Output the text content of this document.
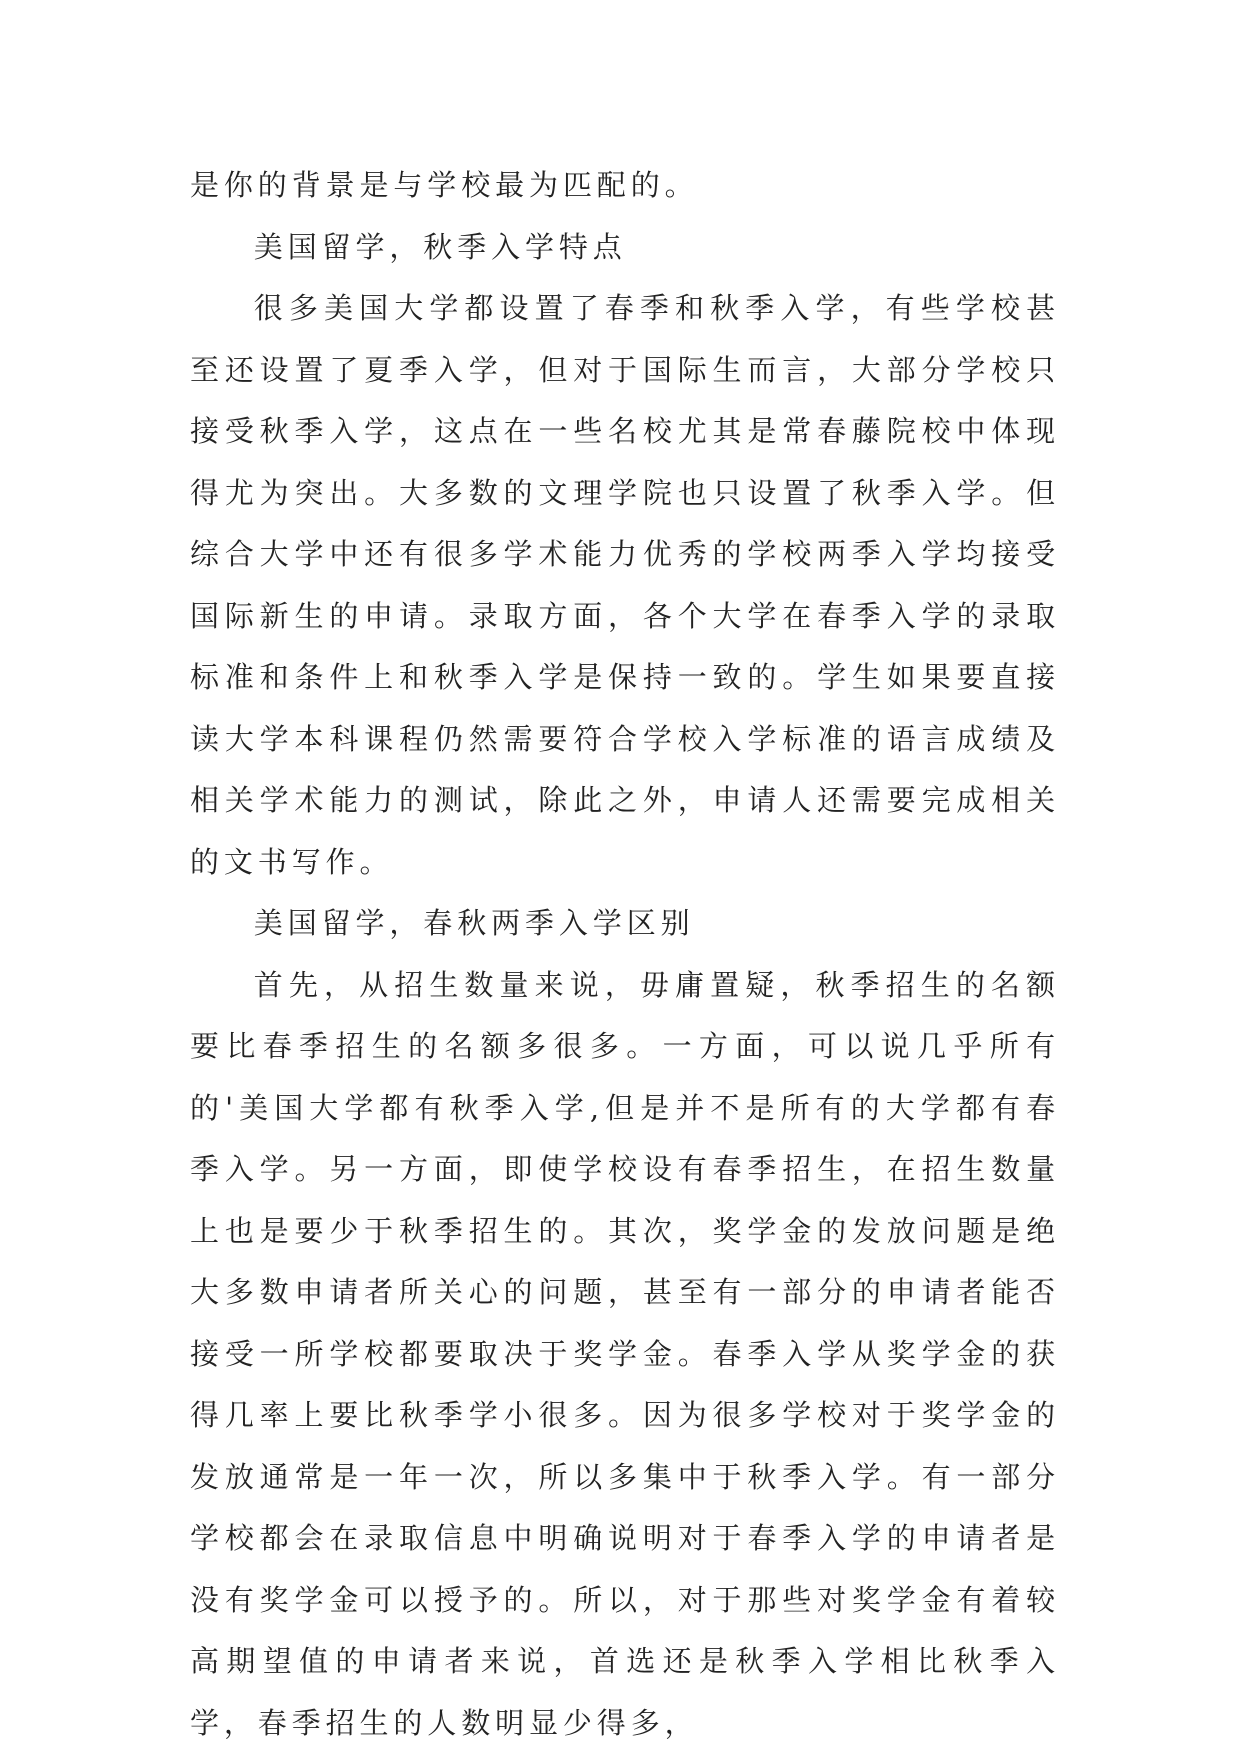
是你的背景是与学校最为匹配的。

美国留学，秋季入学特点

很多美国大学都设置了春季和秋季入学，有些学校甚至还设置了夏季入学，但对于国际生而言，大部分学校只接受秋季入学，这点在一些名校尤其是常春藤院校中体现得尤为突出。大多数的文理学院也只设置了秋季入学。但综合大学中还有很多学术能力优秀的学校两季入学均接受国际新生的申请。录取方面，各个大学在春季入学的录取标准和条件上和秋季入学是保持一致的。学生如果要直接读大学本科课程仍然需要符合学校入学标准的语言成绩及相关学术能力的测试，除此之外，申请人还需要完成相关的文书写作。

美国留学，春秋两季入学区别

首先，从招生数量来说，毋庸置疑，秋季招生的名额要比春季招生的名额多很多。一方面，可以说几乎所有的'美国大学都有秋季入学,但是并不是所有的大学都有春季入学。另一方面，即使学校设有春季招生，在招生数量上也是要少于秋季招生的。其次，奖学金的发放问题是绝大多数申请者所关心的问题，甚至有一部分的申请者能否接受一所学校都要取决于奖学金。春季入学从奖学金的获得几率上要比秋季学小很多。因为很多学校对于奖学金的发放通常是一年一次，所以多集中于秋季入学。有一部分学校都会在录取信息中明确说明对于春季入学的申请者是没有奖学金可以授予的。所以，对于那些对奖学金有着较高期望值的申请者来说，首选还是秋季入学相比秋季入学，春季招生的人数明显少得多，
